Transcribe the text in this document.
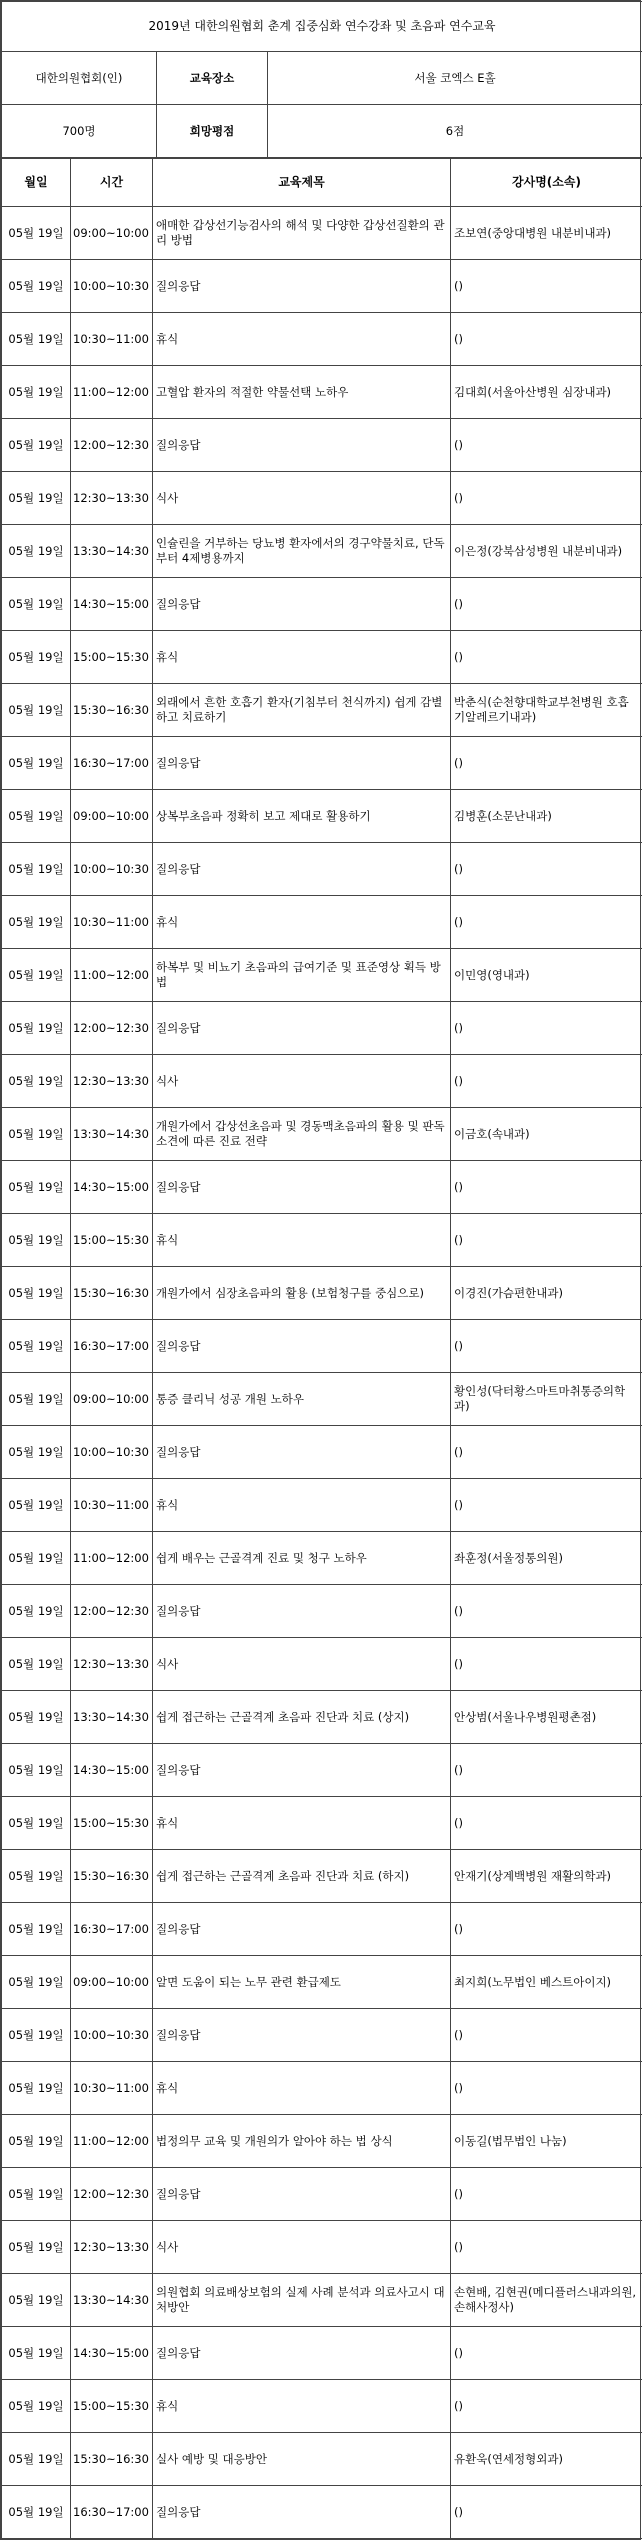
2019년 대한의원협회 춘계 집중심화 연수강좌 및 초음파 연수교육		
대한의원협회(인)	교육장소	서울 코엑스 E홀
700명	희망평점	6점
월일	시간	교육제목	강사명(소속)
05월 19일	09:00~10:00	애매한 갑상선기능검사의 해석 및 다양한 갑상선질환의 관리 방법	조보연(중앙대병원 내분비내과)
05월 19일	10:00~10:30	질의응답	()
05월 19일	10:30~11:00	휴식	()
05월 19일	11:00~12:00	고혈압 환자의 적절한 약물선택 노하우	김대희(서울아산병원 심장내과)
05월 19일	12:00~12:30	질의응답	()
05월 19일	12:30~13:30	식사	()
05월 19일	13:30~14:30	인슐린을 거부하는 당뇨병 환자에서의 경구약물치료, 단독부터 4제병용까지	이은정(강북삼성병원 내분비내과)
05월 19일	14:30~15:00	질의응답	()
05월 19일	15:00~15:30	휴식	()
05월 19일	15:30~16:30	외래에서 흔한 호흡기 환자(기침부터 천식까지) 쉽게 감별하고 치료하기	박춘식(순천향대학교부천병원 호흡기알레르기내과)
05월 19일	16:30~17:00	질의응답	()
05월 19일	09:00~10:00	상복부초음파 정확히 보고 제대로 활용하기	김병훈(소문난내과)
05월 19일	10:00~10:30	질의응답	()
05월 19일	10:30~11:00	휴식	()
05월 19일	11:00~12:00	하복부 및 비뇨기 초음파의 급여기준 및 표준영상 획득 방법	이민영(영내과)
05월 19일	12:00~12:30	질의응답	()
05월 19일	12:30~13:30	식사	()
05월 19일	13:30~14:30	개원가에서 갑상선초음파 및 경동맥초음파의 활용 및 판독소견에 따른 진료 전략	이금호(속내과)
05월 19일	14:30~15:00	질의응답	()
05월 19일	15:00~15:30	휴식	()
05월 19일	15:30~16:30	개원가에서 심장초음파의 활용 (보험청구를 중심으로)	이경진(가슴편한내과)
05월 19일	16:30~17:00	질의응답	()
05월 19일	09:00~10:00	통증 클리닉 성공 개원 노하우	황인성(닥터황스마트마취통증의학과)
05월 19일	10:00~10:30	질의응답	()
05월 19일	10:30~11:00	휴식	()
05월 19일	11:00~12:00	쉽게 배우는 근골격계 진료 및 청구 노하우	좌훈정(서울정통의원)
05월 19일	12:00~12:30	질의응답	()
05월 19일	12:30~13:30	식사	()
05월 19일	13:30~14:30	쉽게 접근하는 근골격계 초음파 진단과 치료 (상지)	안상범(서울나우병원평촌점)
05월 19일	14:30~15:00	질의응답	()
05월 19일	15:00~15:30	휴식	()
05월 19일	15:30~16:30	쉽게 접근하는 근골격계 초음파 진단과 치료 (하지)	안재기(상계백병원 재활의학과)
05월 19일	16:30~17:00	질의응답	()
05월 19일	09:00~10:00	알면 도움이 되는 노무 관련 환급제도	최지희(노무법인 베스트아이지)
05월 19일	10:00~10:30	질의응답	()
05월 19일	10:30~11:00	휴식	()
05월 19일	11:00~12:00	법정의무 교육 및 개원의가 알아야 하는 법 상식	이동길(법무법인 나눔)
05월 19일	12:00~12:30	질의응답	()
05월 19일	12:30~13:30	식사	()
05월 19일	13:30~14:30	의원협회 의료배상보험의 실제 사례 분석과 의료사고시 대처방안	손현배, 김현권(메디플러스내과의원, 손해사정사)
05월 19일	14:30~15:00	질의응답	()
05월 19일	15:00~15:30	휴식	()
05월 19일	15:30~16:30	실사 예방 및 대응방안	유환욱(연세정형외과)
05월 19일	16:30~17:00	질의응답	()
